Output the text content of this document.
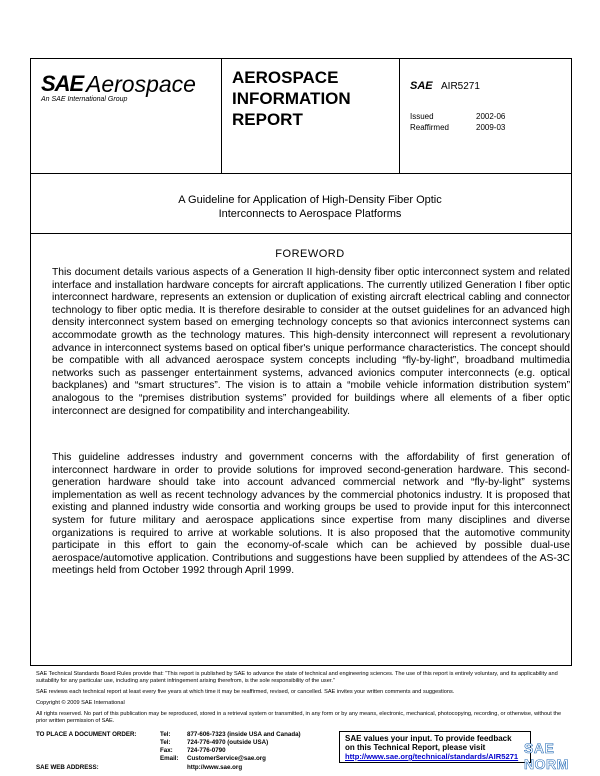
SAE Aerospace
An SAE International Group
AEROSPACE
INFORMATION
REPORT
SAE AIR5271
Issued	2002-06
Reaffirmed	2009-03
A Guideline for Application of High-Density Fiber Optic
Interconnects to Aerospace Platforms
FOREWORD
This document details various aspects of a Generation II high-density fiber optic interconnect system and related interface and installation hardware concepts for aircraft applications. The currently utilized Generation I fiber optic interconnect hardware, represents an extension or duplication of existing aircraft electrical cabling and connector technology to fiber optic media. It is therefore desirable to consider at the outset guidelines for an advanced high density interconnect system based on emerging technology concepts so that avionics interconnect systems can accommodate growth as the technology matures. This high-density interconnect will represent a revolutionary advance in interconnect systems based on optical fiber's unique performance characteristics. The concept should be compatible with all advanced aerospace system concepts including “fly-by-light”, broadband multimedia networks such as passenger entertainment systems, advanced avionics computer interconnects (e.g. optical backplanes) and “smart structures”. The vision is to attain a “mobile vehicle information distribution system” analogous to the “premises distribution systems” provided for buildings where all elements of a fiber optic interconnect are designed for compatibility and interchangeability.
This guideline addresses industry and government concerns with the affordability of first generation of interconnect hardware in order to provide solutions for improved second-generation hardware. This second-generation hardware should take into account advanced commercial network and “fly-by-light” systems implementation as well as recent technology advances by the commercial photonics industry. It is proposed that existing and planned industry wide consortia and working groups be used to provide input for this interconnect system for future military and aerospace applications since expertise from many disciplines and diverse organizations is required to arrive at workable solutions. It is also proposed that the automotive community participate in this effort to gain the economy-of-scale which can be achieved by possible dual-use aerospace/automotive application. Contributions and suggestions have been supplied by attendees of the AS-3C meetings held from October 1992 through April 1999.
SAE Technical Standards Board Rules provide that: “This report is published by SAE to advance the state of technical and engineering sciences. The use of this report is entirely voluntary, and its applicability and suitability for any particular use, including any patent infringement arising therefrom, is the sole responsibility of the user.”
SAE reviews each technical report at least every five years at which time it may be reaffirmed, revised, or cancelled. SAE invites your written comments and suggestions.
Copyright © 2009 SAE International
All rights reserved. No part of this publication may be reproduced, stored in a retrieval system or transmitted, in any form or by any means, electronic, mechanical, photocopying, recording, or otherwise, without the prior written permission of SAE.
TO PLACE A DOCUMENT ORDER:	Tel:	877-606-7323 (inside USA and Canada)
Tel:	724-776-4970 (outside USA)
Fax: 724-776-0790
Email: CustomerService@sae.org
SAE WEB ADDRESS:	http://www.sae.org
SAE values your input. To provide feedback
on this Technical Report, please visit
http://www.sae.org/technical/standards/AIR5271
SAE NORM
